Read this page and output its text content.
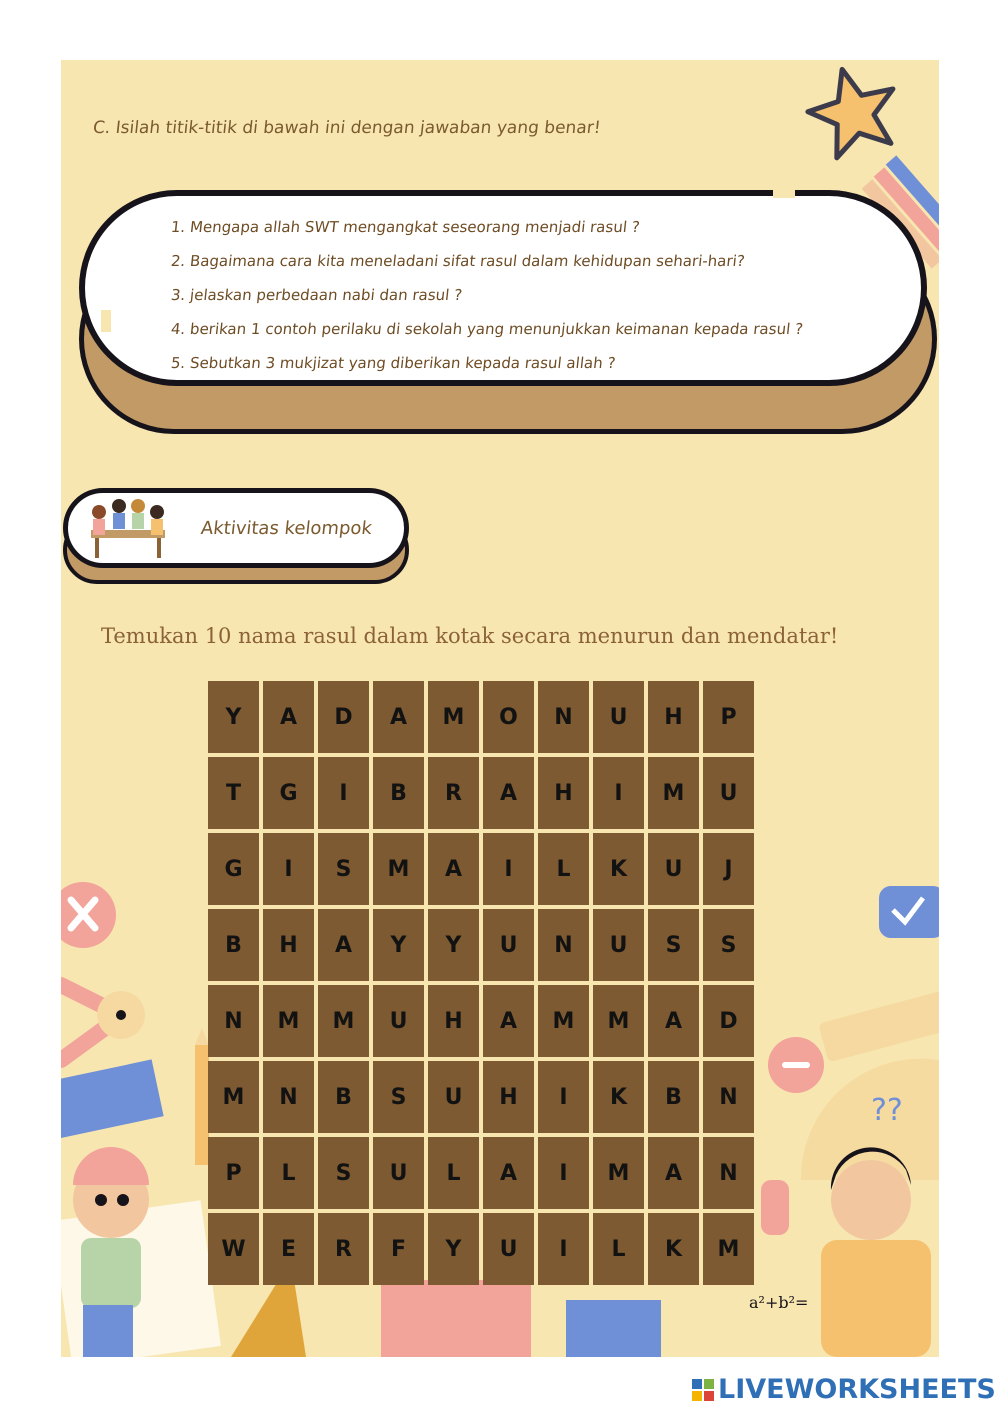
??
a²+b²=
C. Isilah titik-titik di bawah ini dengan jawaban yang benar!
1. Mengapa allah SWT mengangkat seseorang menjadi rasul ?
2. Bagaimana cara kita meneladani sifat rasul dalam kehidupan sehari-hari?
3. jelaskan perbedaan nabi dan rasul ?
4. berikan 1 contoh perilaku di sekolah yang menunjukkan keimanan kepada rasul ?
5. Sebutkan 3 mukjizat yang diberikan kepada rasul allah ?
Aktivitas kelompok
Temukan 10 nama rasul dalam kotak secara menurun dan mendatar!
Y	A	D	A	M	O	N	U	H	P
T	G	I	B	R	A	H	I	M	U
G	I	S	M	A	I	L	K	U	J
B	H	A	Y	Y	U	N	U	S	S
N	M	M	U	H	A	M	M	A	D
M	N	B	S	U	H	I	K	B	N
P	L	S	U	L	A	I	M	A	N
W	E	R	F	Y	U	I	L	K	M
LIVEWORKSHEETS
